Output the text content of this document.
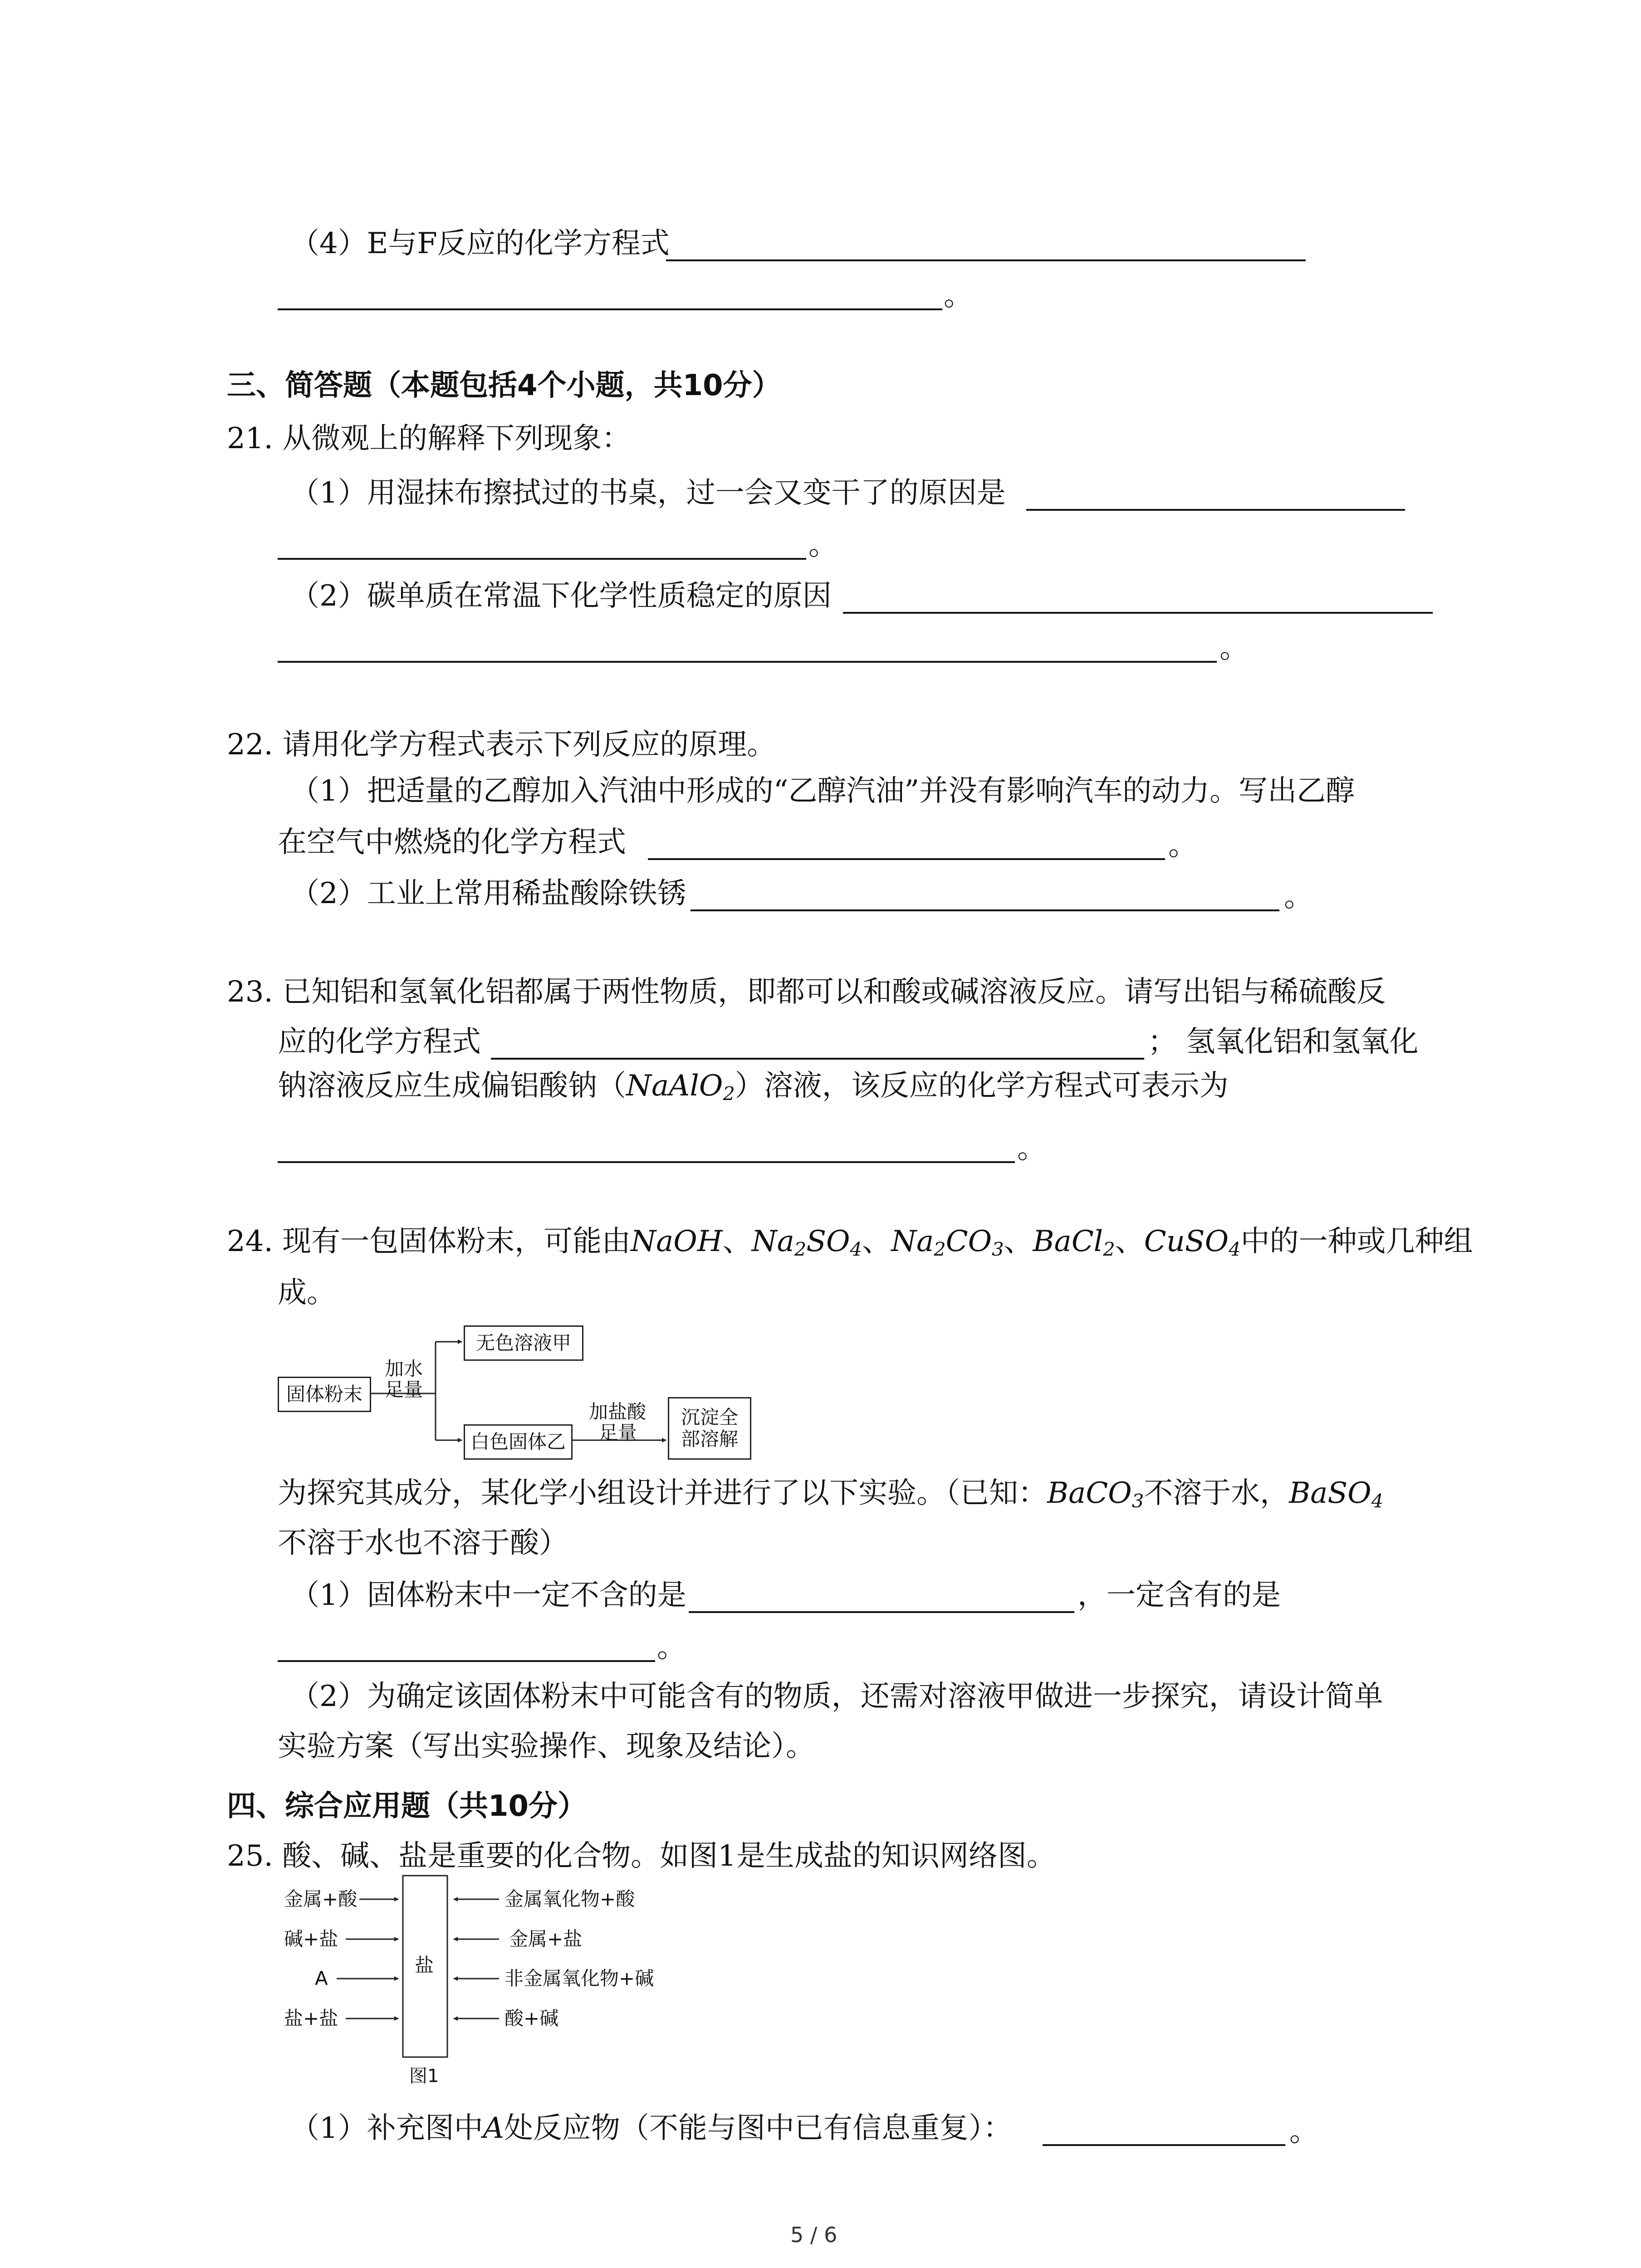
（4）E与F反应的化学方程式
。
三、简答题（本题包括4个小题，共10分）
21. 从微观上的解释下列现象：
（1）用湿抹布擦拭过的书桌，过一会又变干了的原因是
。
（2）碳单质在常温下化学性质稳定的原因
。
22. 请用化学方程式表示下列反应的原理。
（1）把适量的乙醇加入汽油中形成的“乙醇汽油”并没有影响汽车的动力。写出乙醇
在空气中燃烧的化学方程式	。
（2）工业上常用稀盐酸除铁锈	。
23. 已知铝和氢氧化铝都属于两性物质，即都可以和酸或碱溶液反应。请写出铝与稀硫酸反
应的化学方程式	； 氢氧化铝和氢氧化
钠溶液反应生成偏铝酸钠（NaAlO$_2$）溶液，该反应的化学方程式可表示为
。
24. 现有一包固体粉末，可能由NaOH、$Na_2SO_4$、$Na_2CO_3$、BaCl$_2$、CuSO$_4$中的一种或几种组
成。
固体粉末
加水
足量
无色溶液甲
白色固体乙
加盐酸
足量
沉淀全
部溶解
为探究其成分，某化学小组设计并进行了以下实验。（已知：BaCO$_3$不溶于水，BaSO$_4$
不溶于水也不溶于酸）
（1）固体粉末中一定不含的是	，一定含有的是
。
（2）为确定该固体粉末中可能含有的物质，还需对溶液甲做进一步探究，请设计简单
实验方案（写出实验操作、现象及结论）。
四、综合应用题（共10分）
25. 酸、碱、盐是重要的化合物。如图1是生成盐的知识网络图。
盐
金属+酸
碱+盐
A
盐+盐
金属氧化物+酸
金属+盐
非金属氧化物+碱
酸+碱
图1
（1）补充图中A处反应物（不能与图中已有信息重复）：	。
5 / 6
